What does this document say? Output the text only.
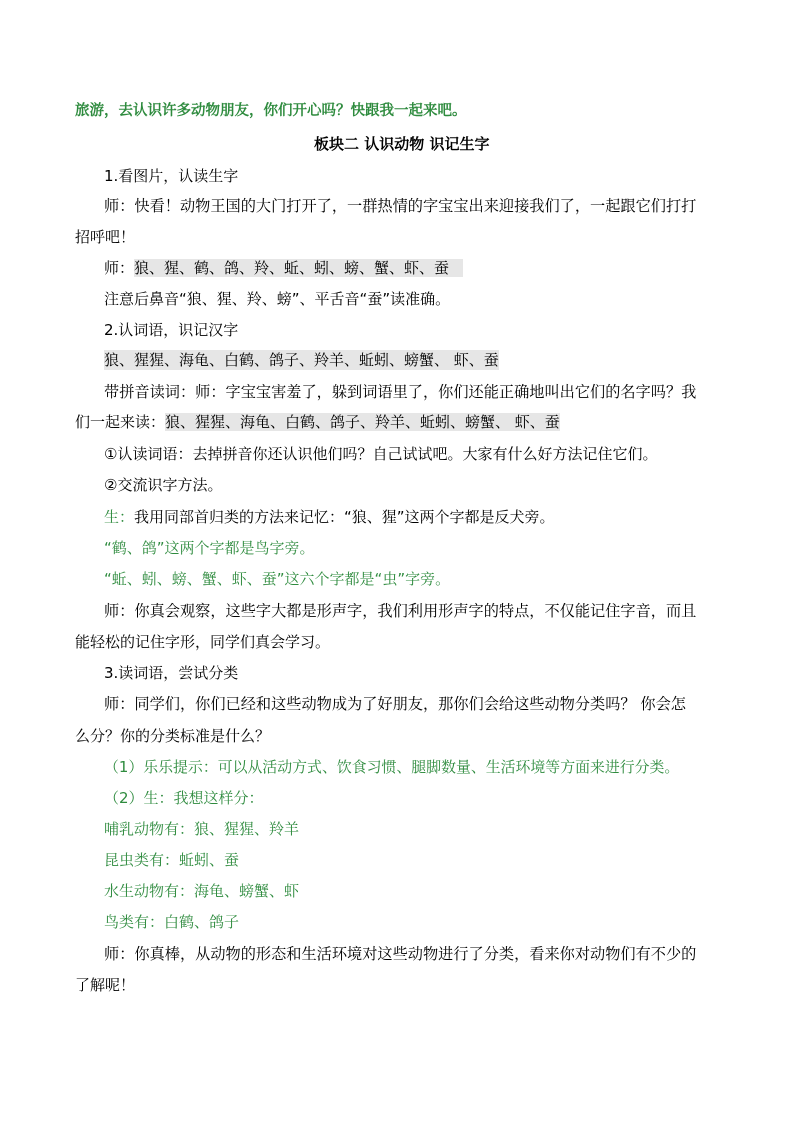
旅游，去认识许多动物朋友，你们开心吗？快跟我一起来吧。
板块二 认识动物 识记生字
1.看图片，认读生字
师：快看！动物王国的大门打开了，一群热情的字宝宝出来迎接我们了，一起跟它们打打
招呼吧！
师：狼、猩、鹤、鸽、羚、蚯、蚓、螃、蟹、虾、蚕
注意后鼻音“狼、猩、羚、螃”、平舌音“蚕”读准确。
2.认词语，识记汉字
狼、猩猩、海龟、白鹤、鸽子、羚羊、蚯蚓、螃蟹、 虾、蚕
带拼音读词：师：字宝宝害羞了，躲到词语里了，你们还能正确地叫出它们的名字吗？我
们一起来读：狼、猩猩、海龟、白鹤、鸽子、羚羊、蚯蚓、螃蟹、 虾、蚕
①认读词语：去掉拼音你还认识他们吗？自己试试吧。大家有什么好方法记住它们。
②交流识字方法。
生：我用同部首归类的方法来记忆：“狼、猩”这两个字都是反犬旁。
“鹤、鸽”这两个字都是鸟字旁。
“蚯、蚓、螃、蟹、虾、蚕”这六个字都是“虫”字旁。
师：你真会观察，这些字大都是形声字，我们利用形声字的特点，不仅能记住字音，而且
能轻松的记住字形，同学们真会学习。
3.读词语，尝试分类
师：同学们，你们已经和这些动物成为了好朋友，那你们会给这些动物分类吗？ 你会怎
么分？你的分类标准是什么？
（1）乐乐提示：可以从活动方式、饮食习惯、腿脚数量、生活环境等方面来进行分类。
（2）生：我想这样分：
哺乳动物有：狼、猩猩、羚羊
昆虫类有：蚯蚓、蚕
水生动物有：海龟、螃蟹、虾
鸟类有：白鹤、鸽子
师：你真棒，从动物的形态和生活环境对这些动物进行了分类，看来你对动物们有不少的
了解呢！
